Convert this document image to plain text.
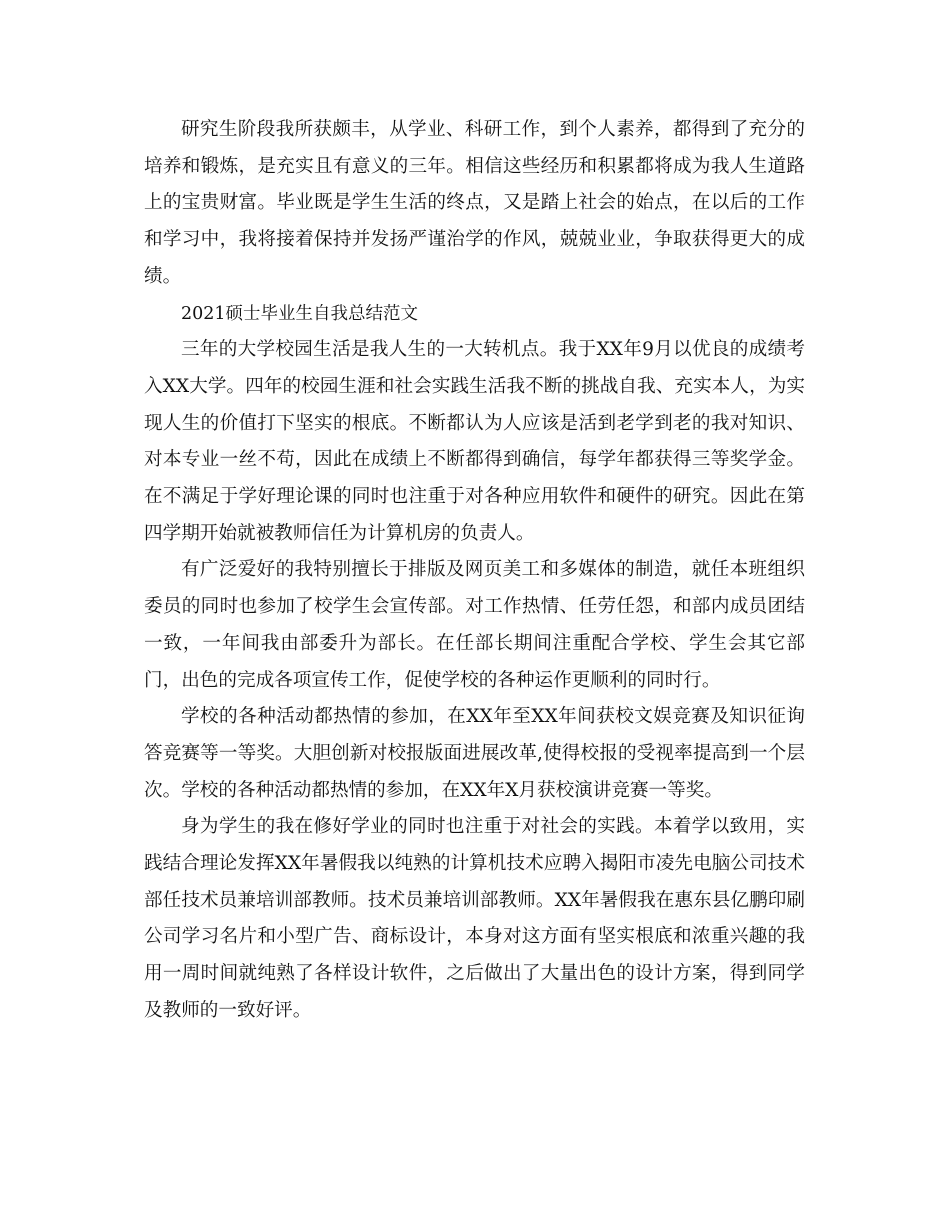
研究生阶段我所获颇丰，从学业、科研工作，到个人素养，都得到了充分的培养和锻炼，是充实且有意义的三年。相信这些经历和积累都将成为我人生道路上的宝贵财富。毕业既是学生生活的终点，又是踏上社会的始点，在以后的工作和学习中，我将接着保持并发扬严谨治学的作风，兢兢业业，争取获得更大的成绩。

2021硕士毕业生自我总结范文

三年的大学校园生活是我人生的一大转机点。我于XX年9月以优良的成绩考入XX大学。四年的校园生涯和社会实践生活我不断的挑战自我、充实本人，为实现人生的价值打下坚实的根底。不断都认为人应该是活到老学到老的我对知识、对本专业一丝不苟，因此在成绩上不断都得到确信，每学年都获得三等奖学金。在不满足于学好理论课的同时也注重于对各种应用软件和硬件的研究。因此在第四学期开始就被教师信任为计算机房的负责人。

有广泛爱好的我特别擅长于排版及网页美工和多媒体的制造，就任本班组织委员的同时也参加了校学生会宣传部。对工作热情、任劳任怨，和部内成员团结一致，一年间我由部委升为部长。在任部长期间注重配合学校、学生会其它部门，出色的完成各项宣传工作，促使学校的各种运作更顺利的同时行。

学校的各种活动都热情的参加，在XX年至XX年间获校文娱竞赛及知识征询答竞赛等一等奖。大胆创新对校报版面进展改革,使得校报的受视率提高到一个层次。学校的各种活动都热情的参加，在XX年X月获校演讲竞赛一等奖。

身为学生的我在修好学业的同时也注重于对社会的实践。本着学以致用，实践结合理论发挥XX年暑假我以纯熟的计算机技术应聘入揭阳市凌先电脑公司技术部任技术员兼培训部教师。技术员兼培训部教师。XX年暑假我在惠东县亿鹏印刷公司学习名片和小型广告、商标设计，本身对这方面有坚实根底和浓重兴趣的我用一周时间就纯熟了各样设计软件，之后做出了大量出色的设计方案，得到同学及教师的一致好评。
